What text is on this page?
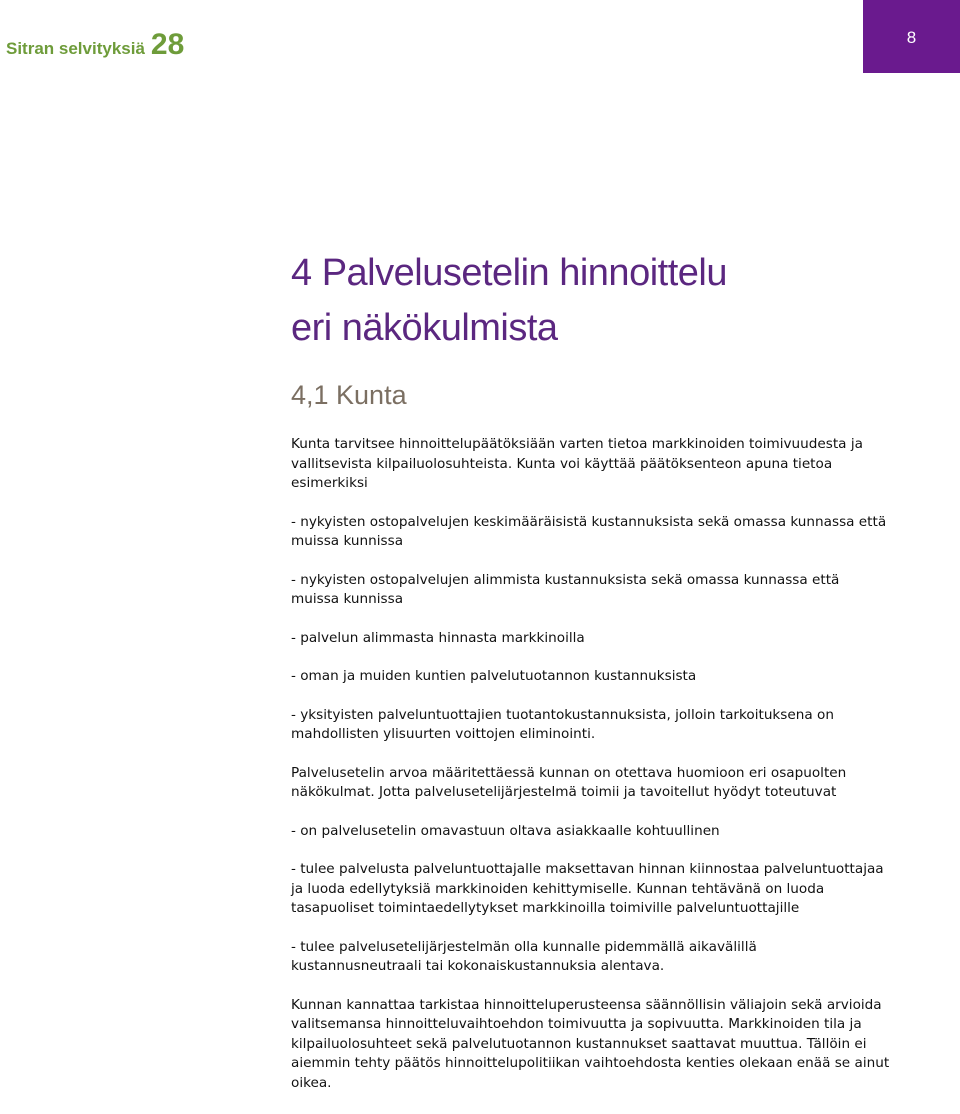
Sitran selvityksiä 28	8
4 Palvelusetelin hinnoittelu
eri näkökulmista
4,1 Kunta

Kunta tarvitsee hinnoittelupäätöksiään varten tietoa markkinoiden toimivuudesta ja vallitsevista kilpailuolosuhteista. Kunta voi käyttää päätöksenteon apuna tietoa esimerkiksi

- nykyisten ostopalvelujen keskimääräisistä kustannuksista sekä omassa kunnassa että muissa kunnissa

- nykyisten ostopalvelujen alimmista kustannuksista sekä omassa kunnassa että muissa kunnissa

- palvelun alimmasta hinnasta markkinoilla

- oman ja muiden kuntien palvelutuotannon kustannuksista

- yksityisten palveluntuottajien tuotantokustannuksista, jolloin tarkoituksena on mahdollisten ylisuurten voittojen eliminointi.

Palvelusetelin arvoa määritettäessä kunnan on otettava huomioon eri osapuolten näkökulmat. Jotta palvelusetelijärjestelmä toimii ja tavoitellut hyödyt toteutuvat

- on palvelusetelin omavastuun oltava asiakkaalle kohtuullinen

- tulee palvelusta palveluntuottajalle maksettavan hinnan kiinnostaa palveluntuottajaa ja luoda edellytyksiä markkinoiden kehittymiselle. Kunnan tehtävänä on luoda tasapuoliset toimintaedellytykset markkinoilla toimiville palveluntuottajille

- tulee palvelusetelijärjestelmän olla kunnalle pidemmällä aikavälillä kustannusneutraali tai kokonaiskustannuksia alentava.

Kunnan kannattaa tarkistaa hinnoitteluperusteensa säännöllisin väliajoin sekä arvioida valitsemansa hinnoitteluvaihtoehdon toimivuutta ja sopivuutta. Markkinoiden tila ja kilpailuolosuhteet sekä palvelutuotannon kustannukset saattavat muuttua. Tällöin ei aiemmin tehty päätös hinnoittelupolitiikan vaihtoehdosta kenties olekaan enää se ainut oikea.
